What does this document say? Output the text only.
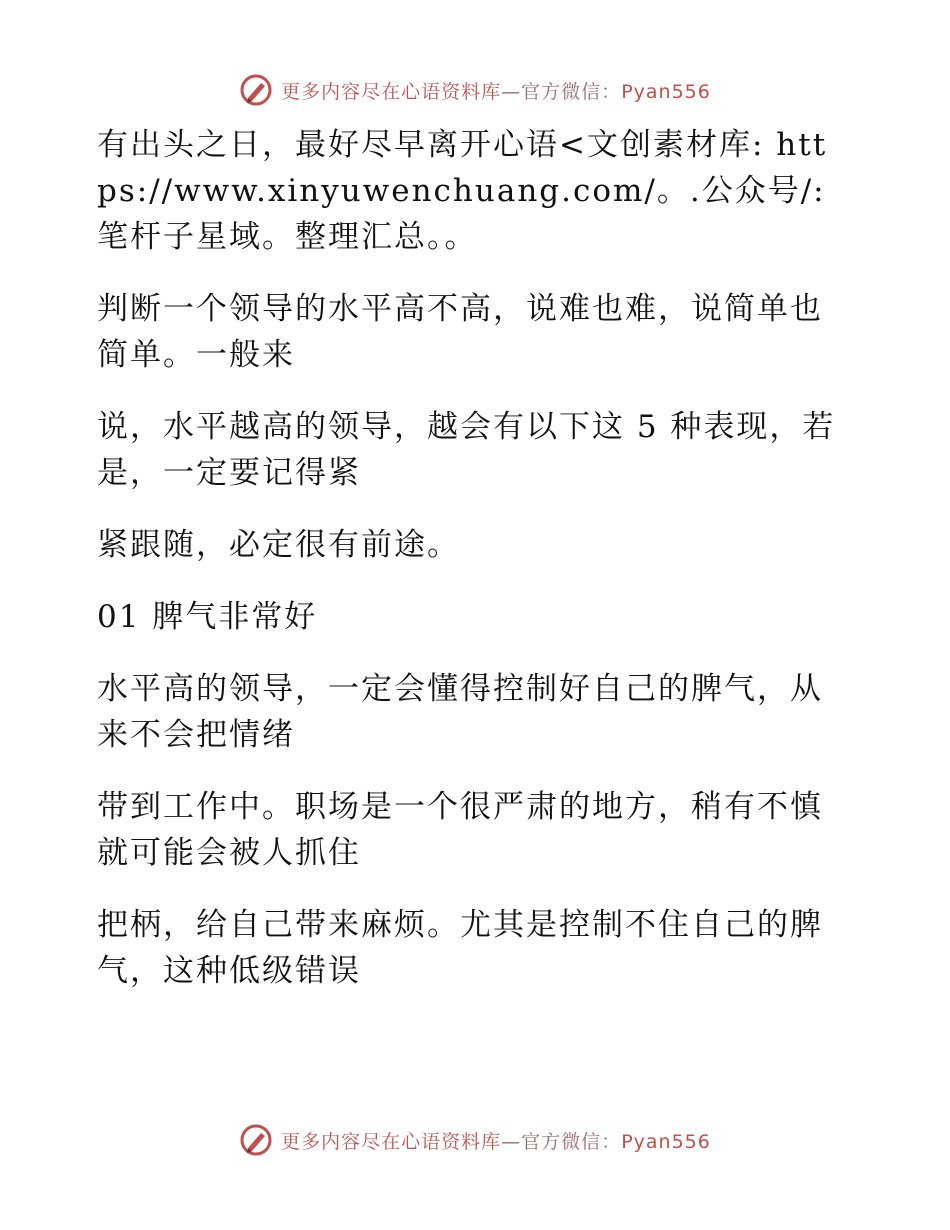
更多内容尽在心语资料库—官方微信：Pyan556

有出头之日，最好尽早离开心语<文创素材库: https://www.xinyuwenchuang.com/。.公众号/: 笔杆子星域。整理汇总。。

判断一个领导的水平高不高，说难也难，说简单也简单。一般来

说，水平越高的领导，越会有以下这 5 种表现，若是，一定要记得紧

紧跟随，必定很有前途。

01 脾气非常好

水平高的领导，一定会懂得控制好自己的脾气，从来不会把情绪

带到工作中。职场是一个很严肃的地方，稍有不慎就可能会被人抓住

把柄，给自己带来麻烦。尤其是控制不住自己的脾气，这种低级错误

更多内容尽在心语资料库—官方微信：Pyan556
